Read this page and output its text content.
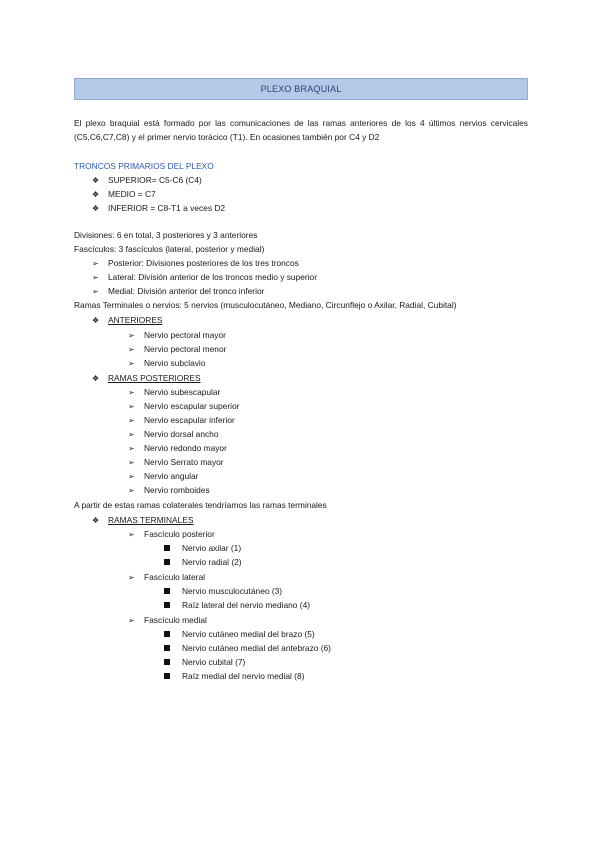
PLEXO BRAQUIAL
El plexo braquial está formado por las comunicaciones de las ramas anteriores de los 4 últimos nervios cervicales (C5,C6,C7,C8) y el primer nervio torácico (T1). En ocasiones también por C4 y D2
TRONCOS PRIMARIOS DEL PLEXO
❖ SUPERIOR= C5-C6 (C4)
❖ MEDIO = C7
❖ INFERIOR = C8-T1 a veces D2
Divisiones: 6 en total, 3 posteriores y 3 anteriores
Fascículos: 3 fascículos (lateral, posterior y medial)
➢ Posterior: Divisiones posteriores de los tres troncos
➢ Lateral: División anterior de los troncos medio y superior
➢ Medial: División anterior del tronco inferior
Ramas Terminales o nervios: 5 nervios (musculocutáneo, Mediano, Circunflejo o Axilar, Radial, Cubital)
❖ ANTERIORES
➢ Nervio pectoral mayor
➢ Nervio pectoral menor
➢ Nervio subclavio
❖ RAMAS POSTERIORES
➢ Nervio subescapular
➢ Nervio escapular superior
➢ Nervio escapular inferior
➢ Nervio dorsal ancho
➢ Nervio redondo mayor
➢ Nervio Serrato mayor
➢ Nervio angular
➢ Nervio romboides
A partir de estas ramas colaterales tendríamos las ramas terminales
❖ RAMAS TERMINALES
➢ Fascículo posterior
Nervio axilar (1)
Nervio radial (2)
➢ Fascículo lateral
Nervio musculocutáneo (3)
Raíz lateral del nervio mediano (4)
➢ Fascículo medial
Nervio cutáneo medial del brazo (5)
Nervio cutáneo medial del antebrazo (6)
Nervio cubital (7)
Raíz medial del nervio medial (8)
